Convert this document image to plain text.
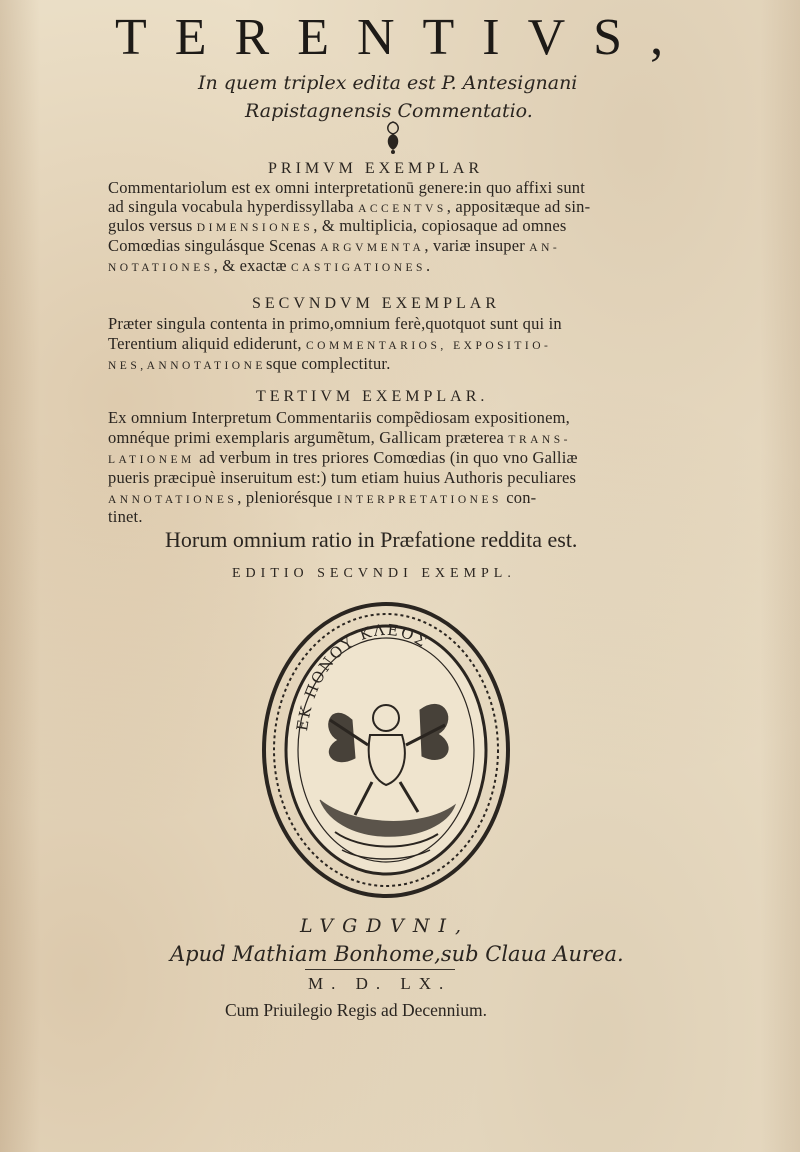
TERENTIVS,
In quem triplex edita est P. Antesignani
Rapistagnensis Commentatio.
PRIMVM EXEMPLAR
Commentariolum est ex omni interpretationū genere:in quo affixi sunt
ad singula vocabula hyperdissyllaba ACCENTVS, appositæque ad sin-
gulos versus DIMENSIONES, & multiplicia, copiosaque ad omnes
Comœdias singulásque Scenas ARGVMENTA, variæ insuper AN-
NOTATIONES, & exactæ CASTIGATIONES.
SECVNDVM EXEMPLAR
Præter singula contenta in primo,omnium ferè,quotquot sunt qui in
Terentium aliquid ediderunt, COMMENTARIOS, EXPOSITIO-
NES,ANNOTATIONEsque complectitur.
TERTIVM EXEMPLAR.
Ex omnium Interpretum Commentariis compẽdiosam expositionem,
omnéque primi exemplaris argumẽtum, Gallicam præterea TRANS-
LATIONEM ad verbum in tres priores Comœdias (in quo vno Galliæ
pueris præcipuè inseruitum est:) tum etiam huius Authoris peculiares
ANNOTATIONES, pleniorésque INTERPRETATIONES con-
tinet.
Horum omnium ratio in Præfatione reddita est.
EDITIO SECVNDI EXEMPL.
ΕΚ ΠΟΝΟΥ ΚΛΕΟΣ
LVGDVNI,
Apud Mathiam Bonhome,sub Claua Aurea.
M. D. LX.
Cum Priuilegio Regis ad Decennium.
